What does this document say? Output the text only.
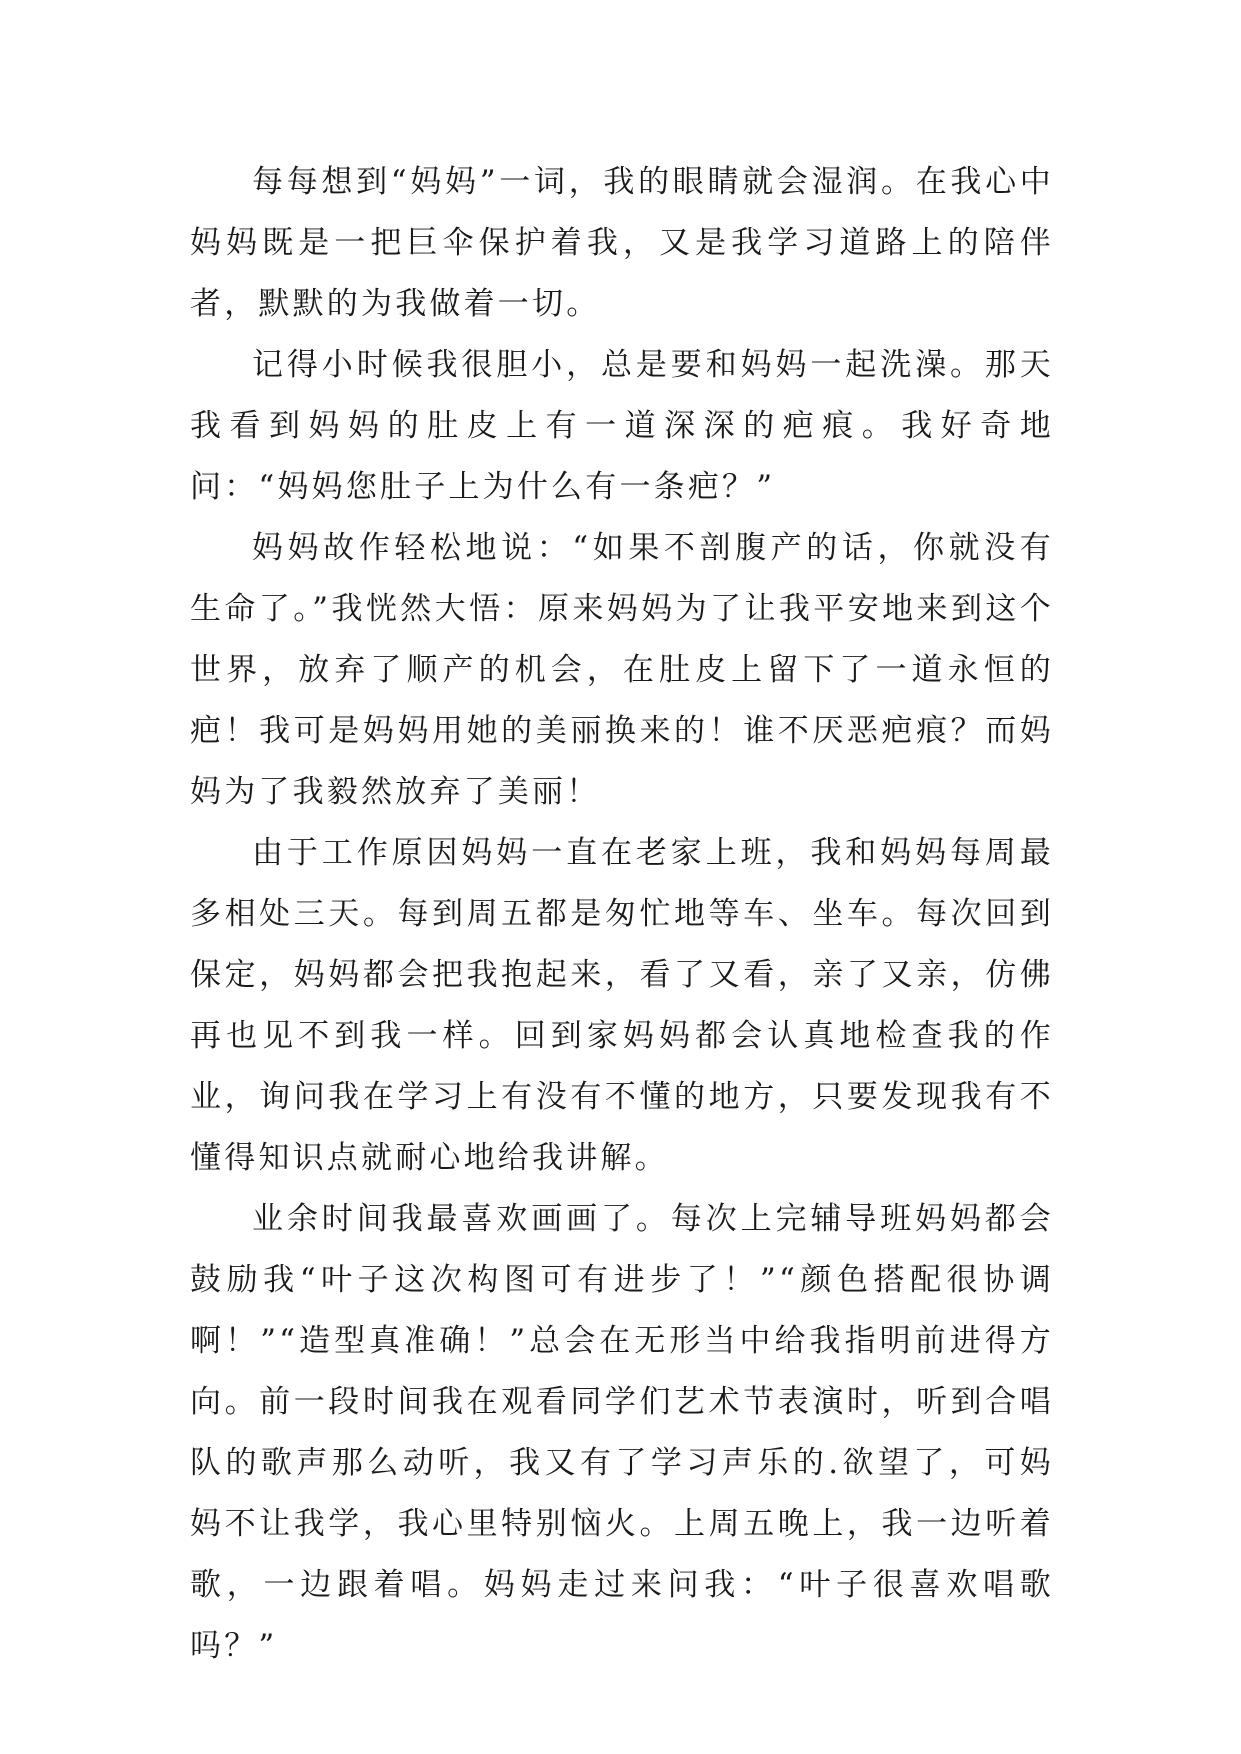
每每想到“妈妈”一词，我的眼睛就会湿润。在我心中妈妈既是一把巨伞保护着我，又是我学习道路上的陪伴者，默默的为我做着一切。

记得小时候我很胆小，总是要和妈妈一起洗澡。那天我看到妈妈的肚皮上有一道深深的疤痕。我好奇地问：“妈妈您肚子上为什么有一条疤？”

妈妈故作轻松地说：“如果不剖腹产的话，你就没有生命了。”我恍然大悟：原来妈妈为了让我平安地来到这个世界，放弃了顺产的机会，在肚皮上留下了一道永恒的疤！我可是妈妈用她的美丽换来的！谁不厌恶疤痕？而妈妈为了我毅然放弃了美丽！

由于工作原因妈妈一直在老家上班，我和妈妈每周最多相处三天。每到周五都是匆忙地等车、坐车。每次回到保定，妈妈都会把我抱起来，看了又看，亲了又亲，仿佛再也见不到我一样。回到家妈妈都会认真地检查我的作业，询问我在学习上有没有不懂的地方，只要发现我有不懂得知识点就耐心地给我讲解。

业余时间我最喜欢画画了。每次上完辅导班妈妈都会鼓励我“叶子这次构图可有进步了！”“颜色搭配很协调啊！”“造型真准确！”总会在无形当中给我指明前进得方向。前一段时间我在观看同学们艺术节表演时，听到合唱队的歌声那么动听，我又有了学习声乐的.欲望了，可妈妈不让我学，我心里特别恼火。上周五晚上，我一边听着歌，一边跟着唱。妈妈走过来问我：“叶子很喜欢唱歌吗？”
